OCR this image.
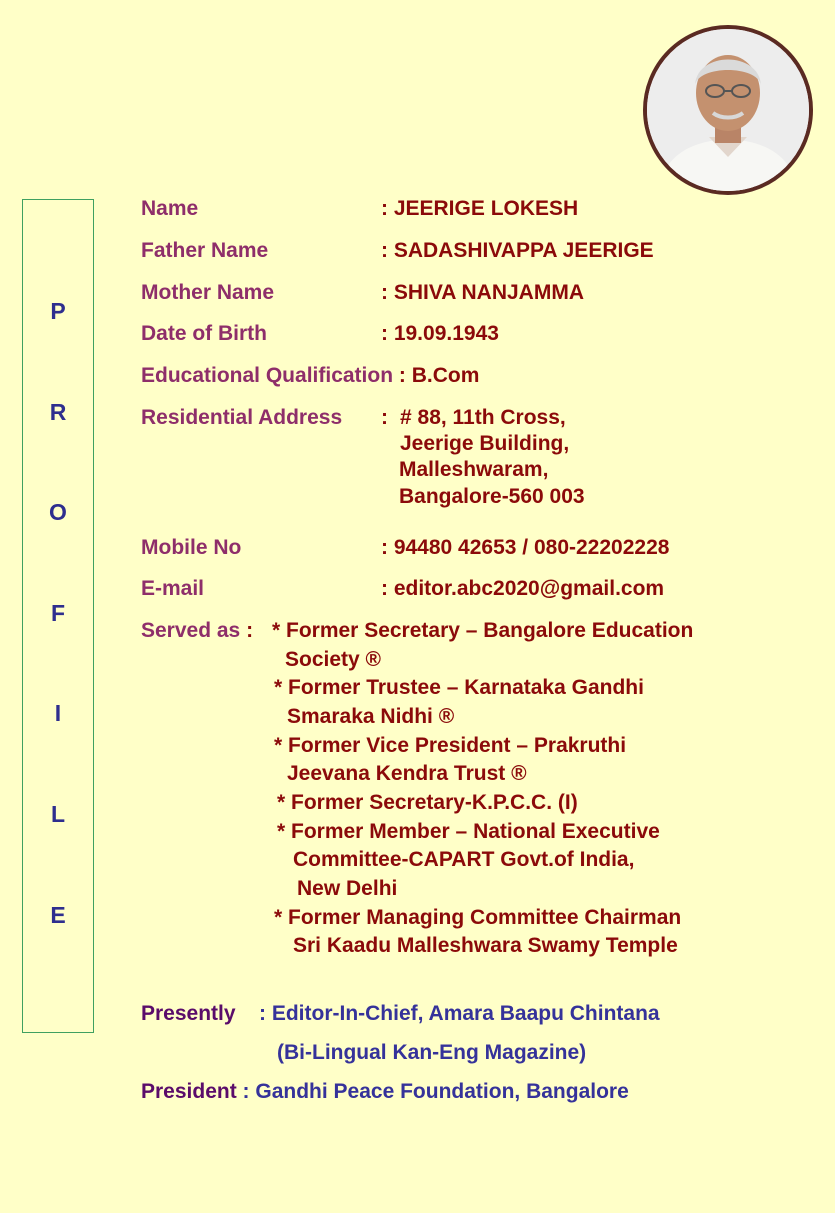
P
R
O
F
I
L
E
Name	: JEERIGE LOKESH
Father Name	: SADASHIVAPPA JEERIGE
Mother Name	: SHIVA NANJAMMA
Date of Birth	: 19.09.1943
Educational Qualification : B.Com
Residential Address : # 88, 11th Cross,
Jeerige Building,
Malleshwaram,
Bangalore-560 003
Mobile No	: 94480 42653 / 080-22202228
E-mail	: editor.abc2020@gmail.com
Served as : * Former Secretary – Bangalore Education
Society ®
* Former Trustee – Karnataka Gandhi
Smaraka Nidhi ®
* Former Vice President – Prakruthi
Jeevana Kendra Trust ®
* Former Secretary-K.P.C.C. (I)
* Former Member – National Executive
Committee-CAPART Govt.of India,
New Delhi
* Former Managing Committee Chairman
Sri Kaadu Malleshwara Swamy Temple
Presently : Editor-In-Chief, Amara Baapu Chintana
(Bi-Lingual Kan-Eng Magazine)
President : Gandhi Peace Foundation, Bangalore
